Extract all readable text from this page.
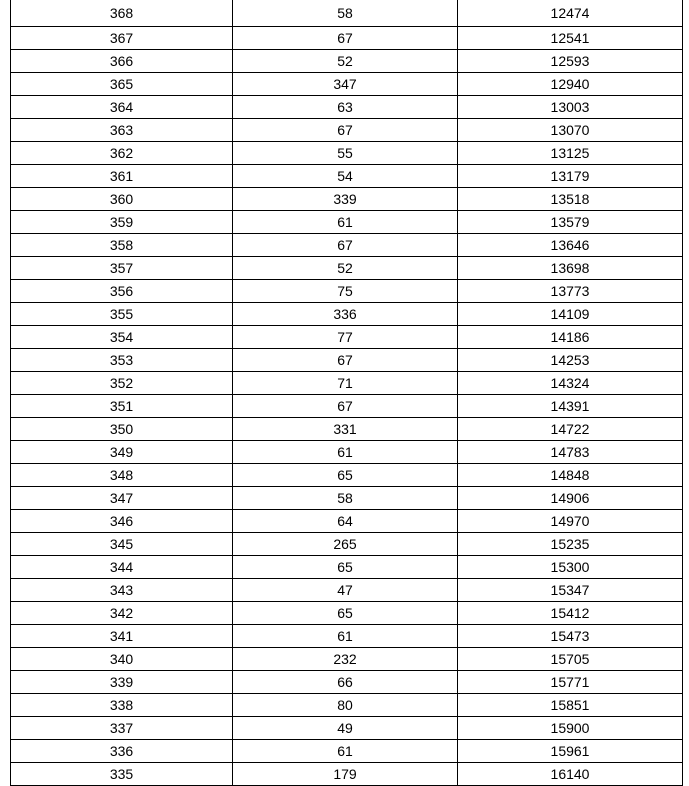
368	58	12474
367	67	12541
366	52	12593
365	347	12940
364	63	13003
363	67	13070
362	55	13125
361	54	13179
360	339	13518
359	61	13579
358	67	13646
357	52	13698
356	75	13773
355	336	14109
354	77	14186
353	67	14253
352	71	14324
351	67	14391
350	331	14722
349	61	14783
348	65	14848
347	58	14906
346	64	14970
345	265	15235
344	65	15300
343	47	15347
342	65	15412
341	61	15473
340	232	15705
339	66	15771
338	80	15851
337	49	15900
336	61	15961
335	179	16140
